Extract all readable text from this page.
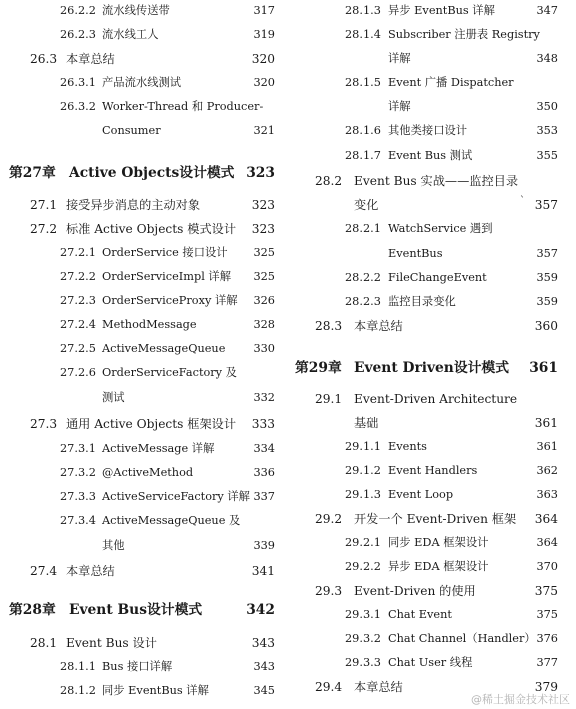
26.2.2 流水线传送带	317
26.2.3 流水线工人	319
26.3 本章总结	320
26.3.1 产品流水线测试	320
26.3.2 Worker-Thread 和 Producer-
Consumer	321
第27章 Active Objects设计模式 323
27.1 接受异步消息的主动对象	323
27.2 标准 Active Objects 模式设计 323
27.2.1 OrderService 接口设计 325
27.2.2 OrderServiceImpl 详解 325
27.2.3 OrderServiceProxy 详解 326
27.2.4 MethodMessage	328
27.2.5 ActiveMessageQueue 330
27.2.6 OrderServiceFactory 及
测试	332
27.3 通用 Active Objects 框架设计 333
27.3.1 ActiveMessage 详解	334
27.3.2 @ActiveMethod	336
27.3.3 ActiveServiceFactory 详解 337
27.3.4 ActiveMessageQueue 及
其他	339
27.4 本章总结	341
第28章 Event Bus设计模式	342
28.1 Event Bus 设计	343
28.1.1 Bus 接口详解	343
28.1.2 同步 EventBus 详解	345
28.1.3 异步 EventBus 详解	347
28.1.4 Subscriber 注册表 Registry
详解	348
28.1.5 Event 广播 Dispatcher
详解	350
28.1.6 其他类接口设计	353
28.1.7 Event Bus 测试	355
28.2 Event Bus 实战——监控目录
变化	357
28.2.1 WatchService 遇到
EventBus	357
28.2.2 FileChangeEvent	359
28.2.3 监控目录变化	359
28.3 本章总结	360
第29章 Event Driven设计模式 361
29.1 Event-Driven Architecture
基础	361
29.1.1 Events	361
29.1.2 Event Handlers	362
29.1.3 Event Loop	363
29.2 开发一个 Event-Driven 框架 364
29.2.1 同步 EDA 框架设计	364
29.2.2 异步 EDA 框架设计	370
29.3 Event-Driven 的使用	375
29.3.1 Chat Event	375
29.3.2 Chat Channel（Handler） 376
29.3.3 Chat User 线程	377
29.4 本章总结	379
`
@稀土掘金技术社区
